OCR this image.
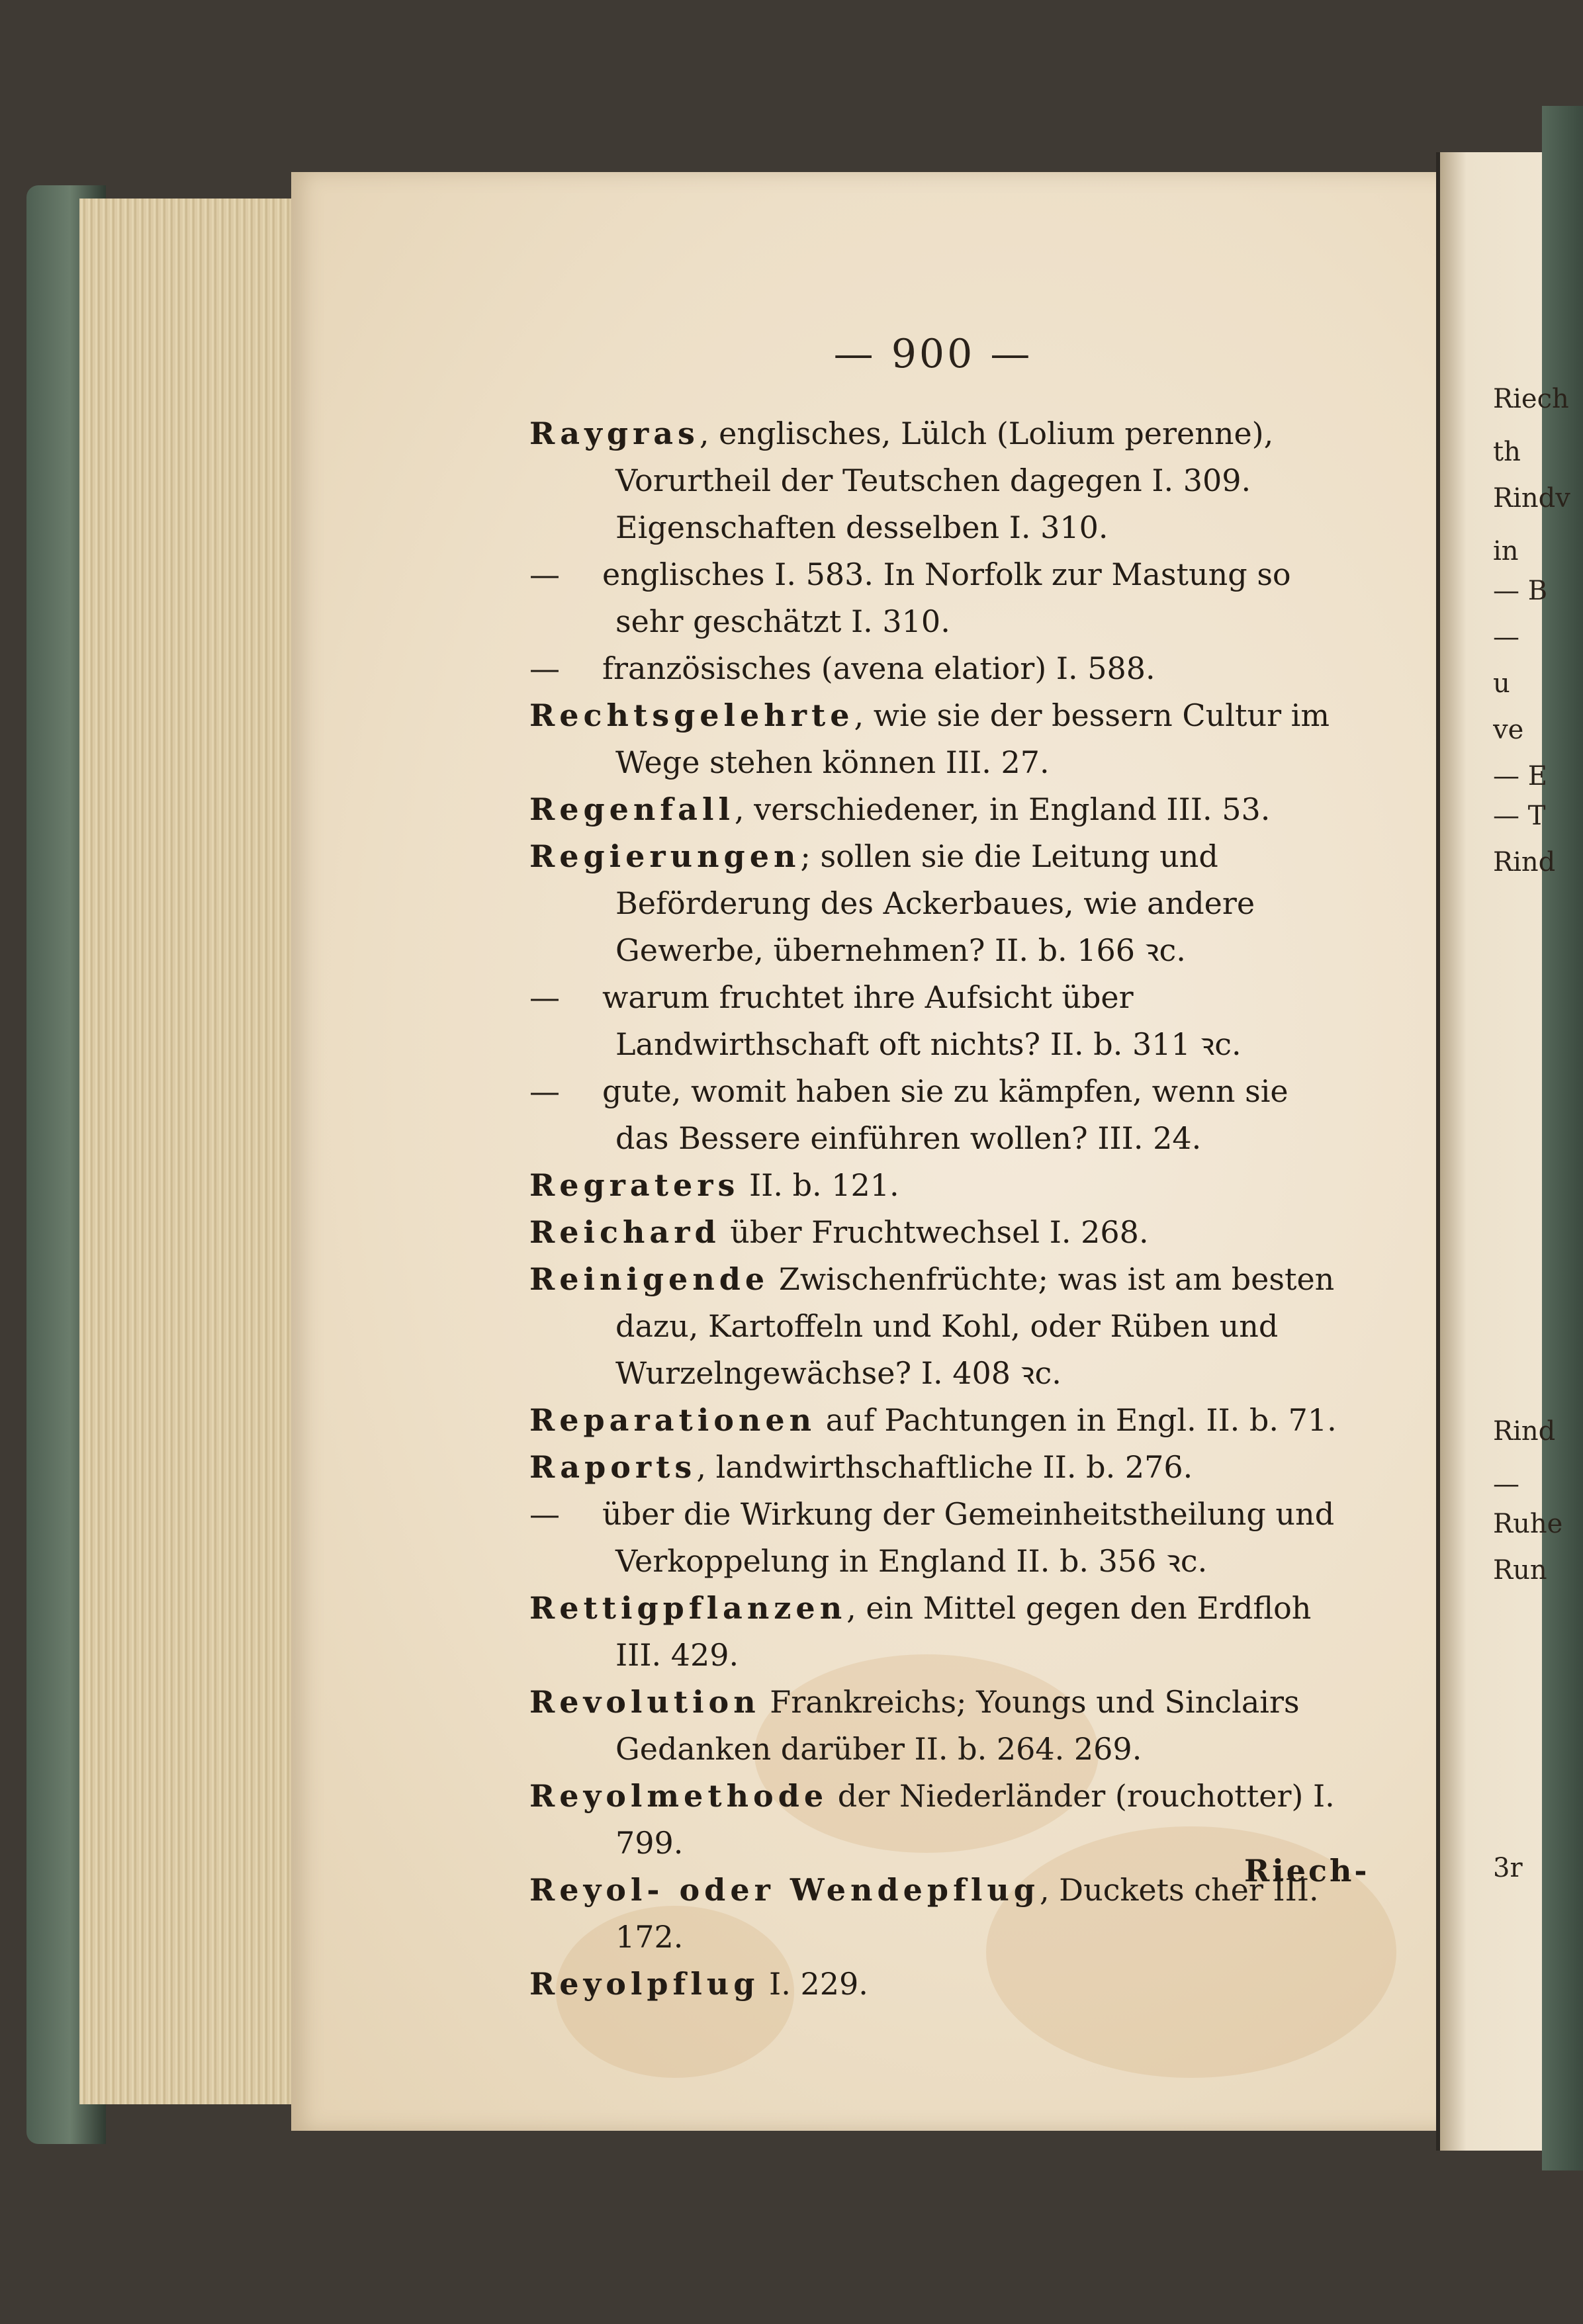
— 900 —

Raygras, englisches, Lülch (Lolium perenne), Vorurtheil der Teutschen dagegen I. 309. Eigenschaften desselben I. 310.

— englisches I. 583. In Norfolk zur Mastung so sehr geschätzt I. 310.

— französisches (avena elatior) I. 588.

Rechtsgelehrte, wie sie der bessern Cultur im Wege stehen können III. 27.

Regenfall, verschiedener, in England III. 53.

Regierungen; sollen sie die Leitung und Beförderung des Ackerbaues, wie andere Gewerbe, übernehmen? II. b. 166 ꝛc.

— warum fruchtet ihre Aufsicht über Landwirthschaft oft nichts? II. b. 311 ꝛc.

— gute, womit haben sie zu kämpfen, wenn sie das Bessere einführen wollen? III. 24.

Regraters II. b. 121.

Reichard über Fruchtwechsel I. 268.

Reinigende Zwischenfrüchte; was ist am besten dazu, Kartoffeln und Kohl, oder Rüben und Wurzelngewächse? I. 408 ꝛc.

Reparationen auf Pachtungen in Engl. II. b. 71.

Raports, landwirthschaftliche II. b. 276.

— über die Wirkung der Gemeinheitstheilung und Verkoppelung in England II. b. 356 ꝛc.

Rettigpflanzen, ein Mittel gegen den Erdfloh III. 429.

Revolution Frankreichs; Youngs und Sinclairs Gedanken darüber II. b. 264. 269.

Reyolmethode der Niederländer (rouchotter) I. 799.

Reyol- oder Wendepflug, Duckets cher III. 172.

Reyolpflug I. 229.

Riech-
Riech
th
Rindv
in
— B
—
u
ve
— E
— T
Rind
Rind
—
Ruhe
Run
3r
